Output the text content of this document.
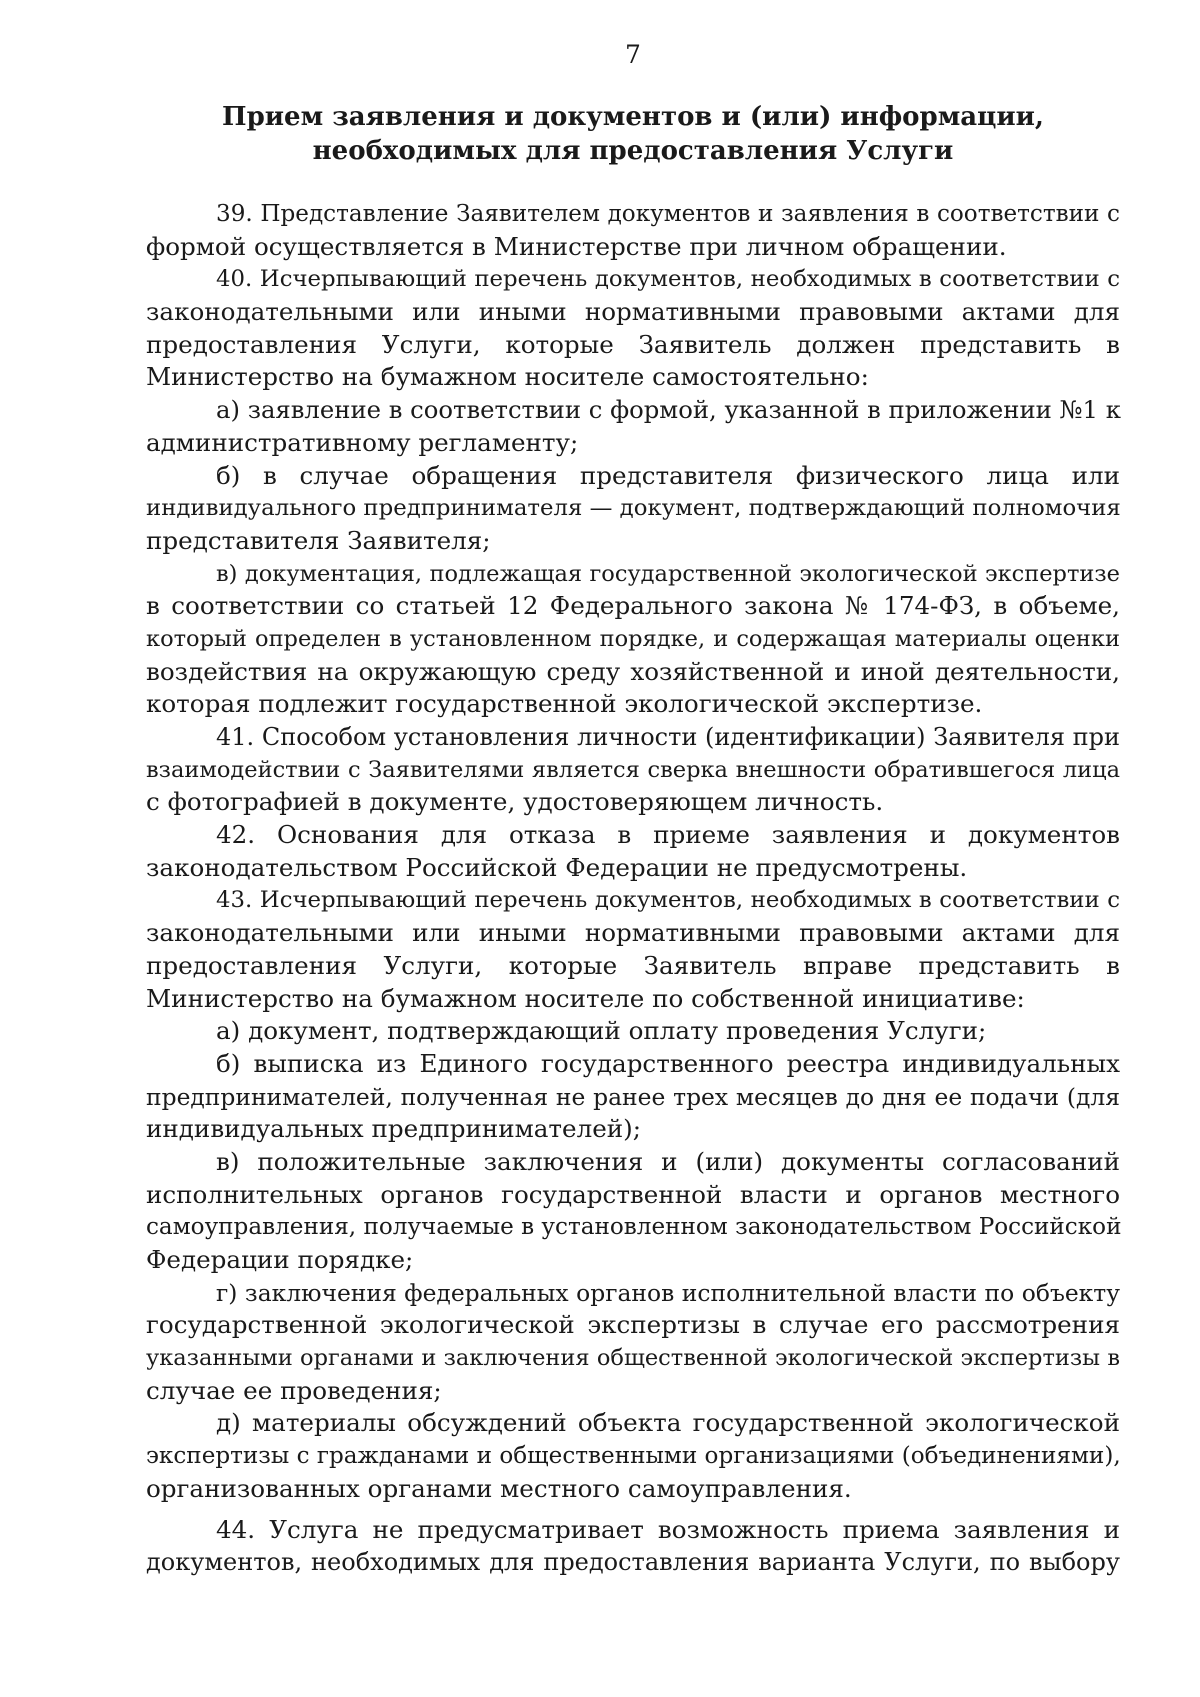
7
Прием заявления и документов и (или) информации,
необходимых для предоставления Услуги
39. Представление Заявителем документов и заявления в соответствии с
формой осуществляется в Министерстве при личном обращении.
40. Исчерпывающий перечень документов, необходимых в соответствии с
законодательными или иными нормативными правовыми актами для
предоставления Услуги, которые Заявитель должен представить в
Министерство на бумажном носителе самостоятельно:
а) заявление в соответствии с формой, указанной в приложении №1 к
административному регламенту;
б) в случае обращения представителя физического лица или
индивидуального предпринимателя — документ, подтверждающий полномочия
представителя Заявителя;
в) документация, подлежащая государственной экологической экспертизе
в соответствии со статьей 12 Федерального закона № 174-ФЗ, в объеме,
который определен в установленном порядке, и содержащая материалы оценки
воздействия на окружающую среду хозяйственной и иной деятельности,
которая подлежит государственной экологической экспертизе.
41. Способом установления личности (идентификации) Заявителя при
взаимодействии с Заявителями является сверка внешности обратившегося лица
с фотографией в документе, удостоверяющем личность.
42. Основания для отказа в приеме заявления и документов
законодательством Российской Федерации не предусмотрены.
43. Исчерпывающий перечень документов, необходимых в соответствии с
законодательными или иными нормативными правовыми актами для
предоставления Услуги, которые Заявитель вправе представить в
Министерство на бумажном носителе по собственной инициативе:
а) документ, подтверждающий оплату проведения Услуги;
б) выписка из Единого государственного реестра индивидуальных
предпринимателей, полученная не ранее трех месяцев до дня ее подачи (для
индивидуальных предпринимателей);
в) положительные заключения и (или) документы согласований
исполнительных органов государственной власти и органов местного
самоуправления, получаемые в установленном законодательством Российской
Федерации порядке;
г) заключения федеральных органов исполнительной власти по объекту
государственной экологической экспертизы в случае его рассмотрения
указанными органами и заключения общественной экологической экспертизы в
случае ее проведения;
д) материалы обсуждений объекта государственной экологической
экспертизы с гражданами и общественными организациями (объединениями),
организованных органами местного самоуправления.
44. Услуга не предусматривает возможность приема заявления и
документов, необходимых для предоставления варианта Услуги, по выбору
